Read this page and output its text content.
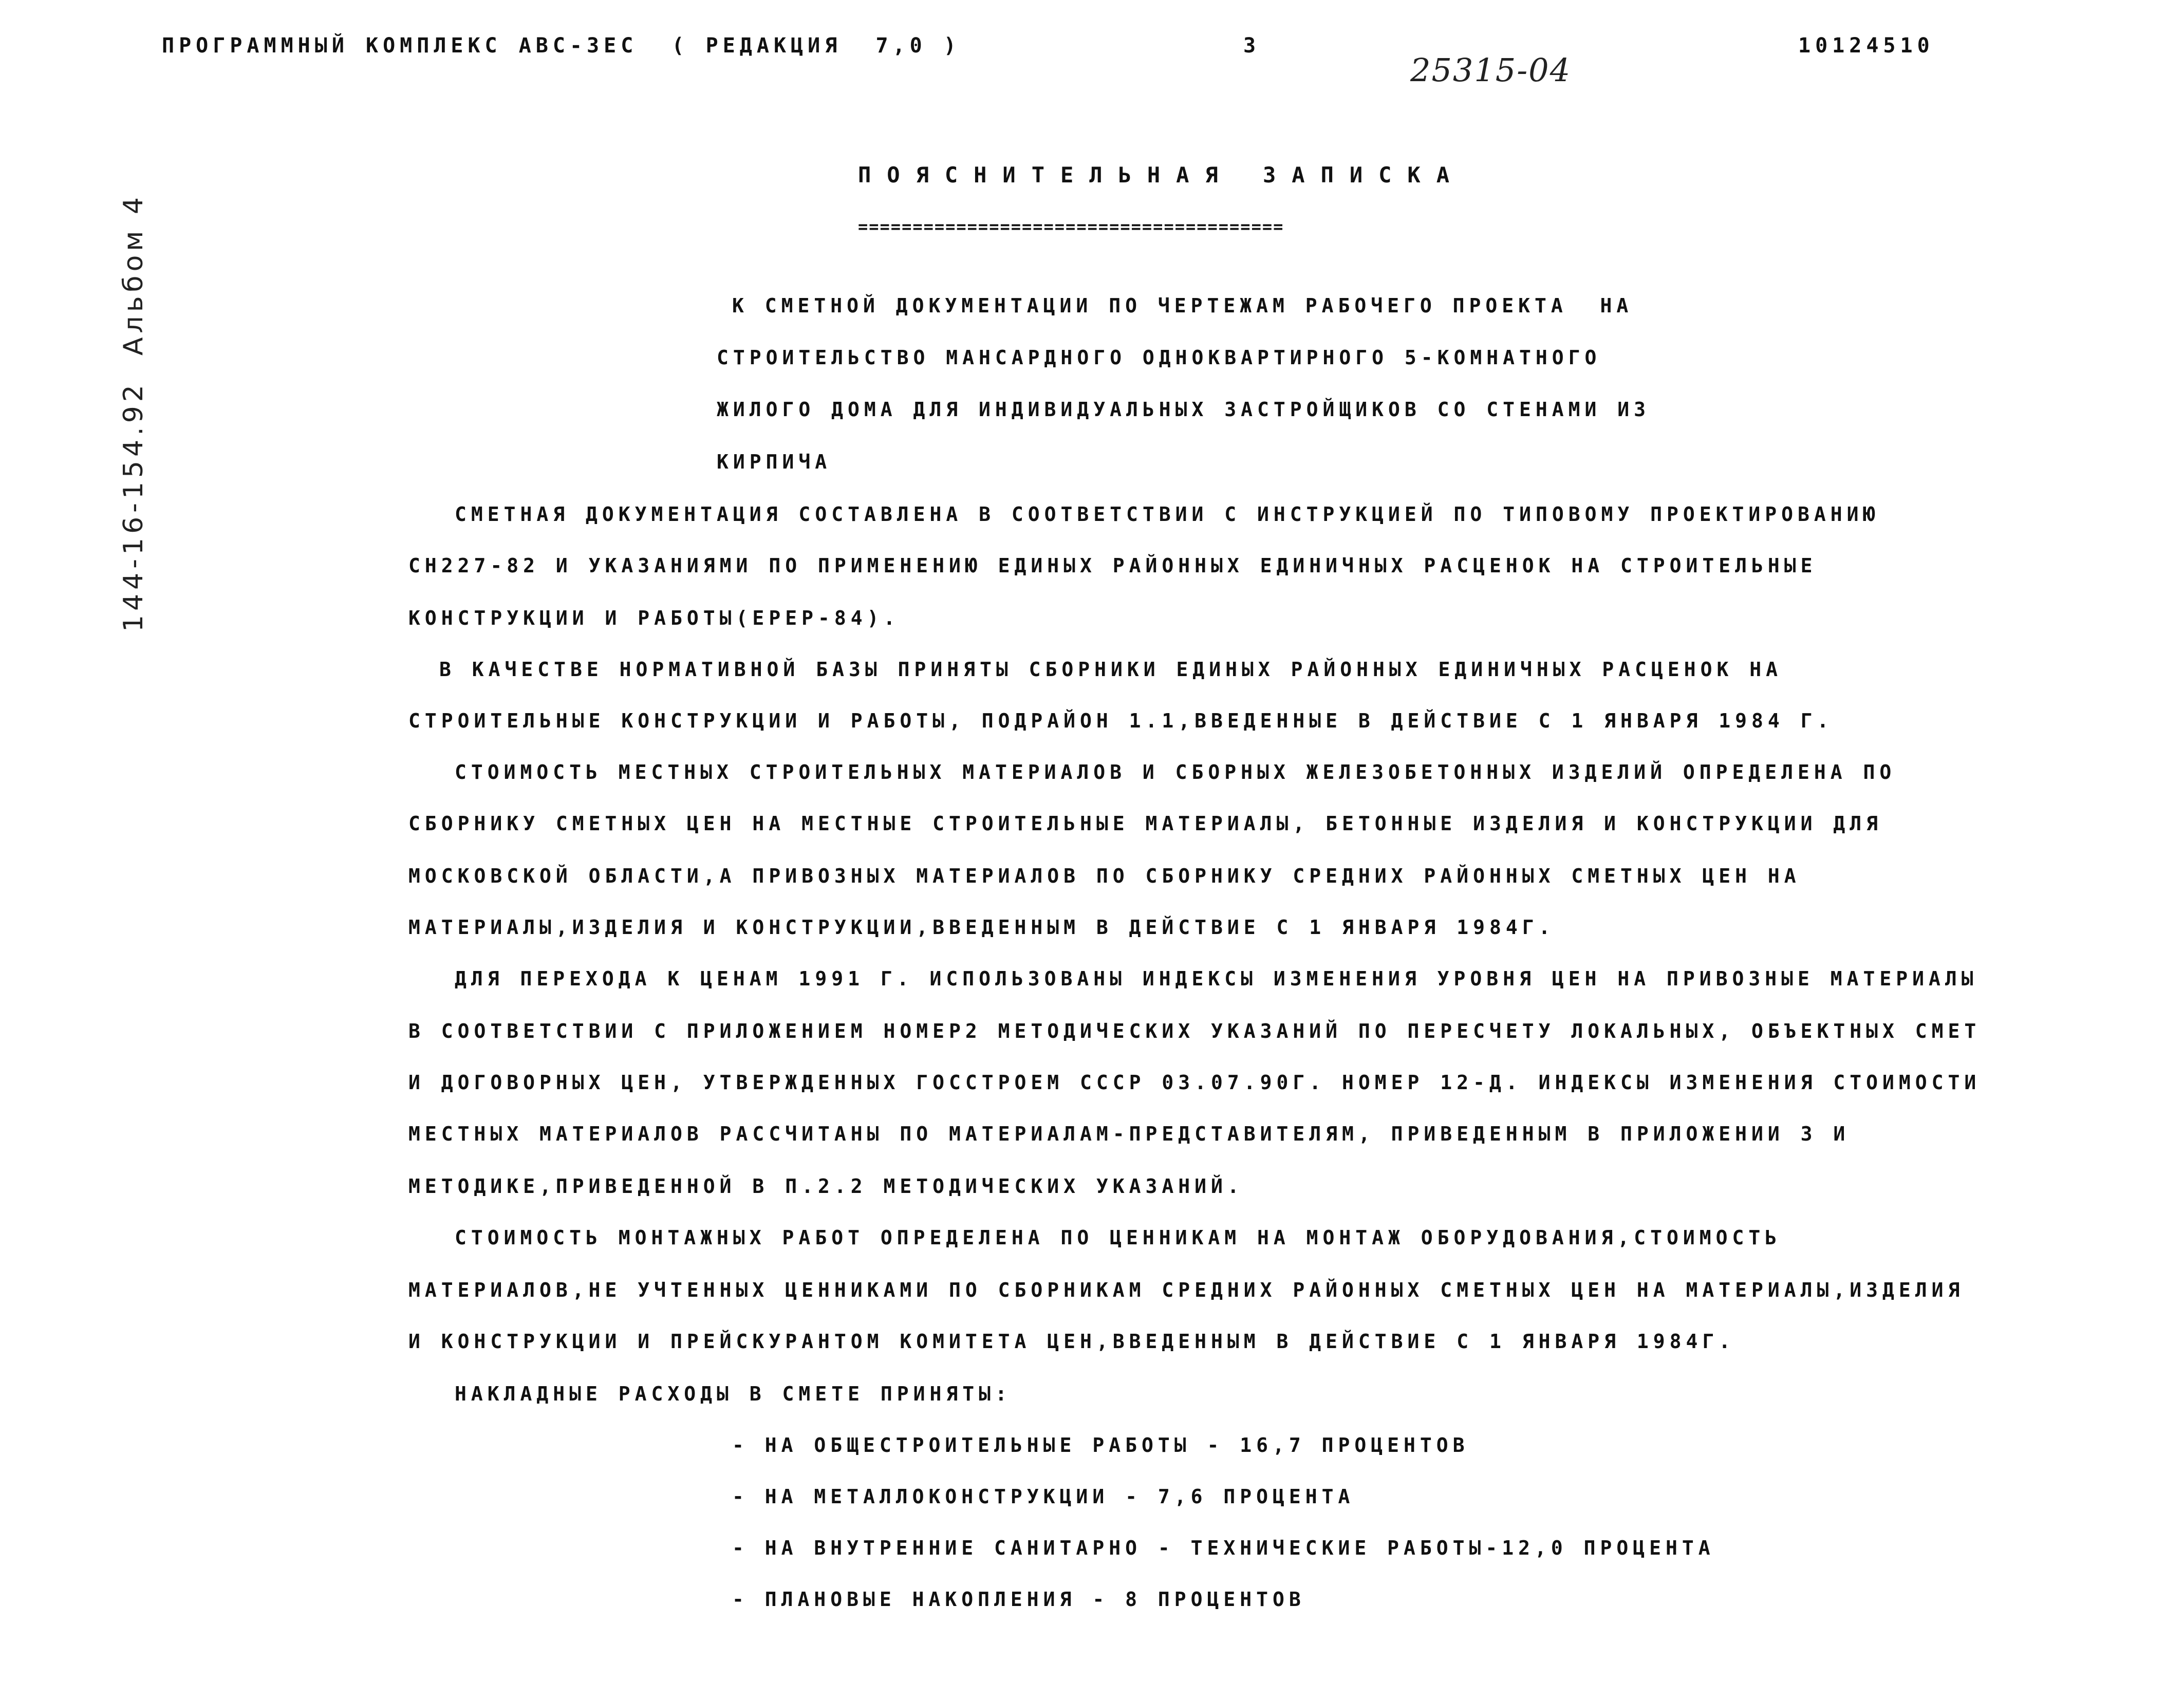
ПРОГРАММНЫЙ КОМПЛЕКС АВС-ЗЕС  ( РЕДАКЦИЯ  7,0 )	3	10124510
25315-04
144-16-154.92  Альбом 4
ПОЯСНИТЕЛЬНАЯ ЗАПИСКА
=======================================
К СМЕТНОЙ ДОКУМЕНТАЦИИ ПО ЧЕРТЕЖАМ РАБОЧЕГО ПРОЕКТА  НА
СТРОИТЕЛЬСТВО МАНСАРДНОГО ОДНОКВАРТИРНОГО 5-КОМНАТНОГО
ЖИЛОГО ДОМА ДЛЯ ИНДИВИДУАЛЬНЫХ ЗАСТРОЙЩИКОВ СО СТЕНАМИ ИЗ
КИРПИЧА
СМЕТНАЯ ДОКУМЕНТАЦИЯ СОСТАВЛЕНА В СООТВЕТСТВИИ С ИНСТРУКЦИЕЙ ПО ТИПОВОМУ ПРОЕКТИРОВАНИЮ
СН227-82 И УКАЗАНИЯМИ ПО ПРИМЕНЕНИЮ ЕДИНЫХ РАЙОННЫХ ЕДИНИЧНЫХ РАСЦЕНОК НА СТРОИТЕЛЬНЫЕ
КОНСТРУКЦИИ И РАБОТЫ(ЕРЕР-84).
В КАЧЕСТВЕ НОРМАТИВНОЙ БАЗЫ ПРИНЯТЫ СБОРНИКИ ЕДИНЫХ РАЙОННЫХ ЕДИНИЧНЫХ РАСЦЕНОК НА
СТРОИТЕЛЬНЫЕ КОНСТРУКЦИИ И РАБОТЫ, ПОДРАЙОН 1.1,ВВЕДЕННЫЕ В ДЕЙСТВИЕ С 1 ЯНВАРЯ 1984 Г.
СТОИМОСТЬ МЕСТНЫХ СТРОИТЕЛЬНЫХ МАТЕРИАЛОВ И СБОРНЫХ ЖЕЛЕЗОБЕТОННЫХ ИЗДЕЛИЙ ОПРЕДЕЛЕНА ПО
СБОРНИКУ СМЕТНЫХ ЦЕН НА МЕСТНЫЕ СТРОИТЕЛЬНЫЕ МАТЕРИАЛЫ, БЕТОННЫЕ ИЗДЕЛИЯ И КОНСТРУКЦИИ ДЛЯ
МОСКОВСКОЙ ОБЛАСТИ,А ПРИВОЗНЫХ МАТЕРИАЛОВ ПО СБОРНИКУ СРЕДНИХ РАЙОННЫХ СМЕТНЫХ ЦЕН НА
МАТЕРИАЛЫ,ИЗДЕЛИЯ И КОНСТРУКЦИИ,ВВЕДЕННЫМ В ДЕЙСТВИЕ С 1 ЯНВАРЯ 1984Г.
ДЛЯ ПЕРЕХОДА К ЦЕНАМ 1991 Г. ИСПОЛЬЗОВАНЫ ИНДЕКСЫ ИЗМЕНЕНИЯ УРОВНЯ ЦЕН НА ПРИВОЗНЫЕ МАТЕРИАЛЫ
В СООТВЕТСТВИИ С ПРИЛОЖЕНИЕМ НОМЕР2 МЕТОДИЧЕСКИХ УКАЗАНИЙ ПО ПЕРЕСЧЕТУ ЛОКАЛЬНЫХ, ОБЪЕКТНЫХ СМЕТ
И ДОГОВОРНЫХ ЦЕН, УТВЕРЖДЕННЫХ ГОССТРОЕМ СССР 03.07.90Г. НОМЕР 12-Д. ИНДЕКСЫ ИЗМЕНЕНИЯ СТОИМОСТИ
МЕСТНЫХ МАТЕРИАЛОВ РАССЧИТАНЫ ПО МАТЕРИАЛАМ-ПРЕДСТАВИТЕЛЯМ, ПРИВЕДЕННЫМ В ПРИЛОЖЕНИИ 3 И
МЕТОДИКЕ,ПРИВЕДЕННОЙ В П.2.2 МЕТОДИЧЕСКИХ УКАЗАНИЙ.
СТОИМОСТЬ МОНТАЖНЫХ РАБОТ ОПРЕДЕЛЕНА ПО ЦЕННИКАМ НА МОНТАЖ ОБОРУДОВАНИЯ,СТОИМОСТЬ
МАТЕРИАЛОВ,НЕ УЧТЕННЫХ ЦЕННИКАМИ ПО СБОРНИКАМ СРЕДНИХ РАЙОННЫХ СМЕТНЫХ ЦЕН НА МАТЕРИАЛЫ,ИЗДЕЛИЯ
И КОНСТРУКЦИИ И ПРЕЙСКУРАНТОМ КОМИТЕТА ЦЕН,ВВЕДЕННЫМ В ДЕЙСТВИЕ С 1 ЯНВАРЯ 1984Г.
НАКЛАДНЫЕ РАСХОДЫ В СМЕТЕ ПРИНЯТЫ:
- НА ОБЩЕСТРОИТЕЛЬНЫЕ РАБОТЫ - 16,7 ПРОЦЕНТОВ
- НА МЕТАЛЛОКОНСТРУКЦИИ - 7,6 ПРОЦЕНТА
- НА ВНУТРЕННИЕ САНИТАРНО - ТЕХНИЧЕСКИЕ РАБОТЫ-12,0 ПРОЦЕНТА
- ПЛАНОВЫЕ НАКОПЛЕНИЯ - 8 ПРОЦЕНТОВ
